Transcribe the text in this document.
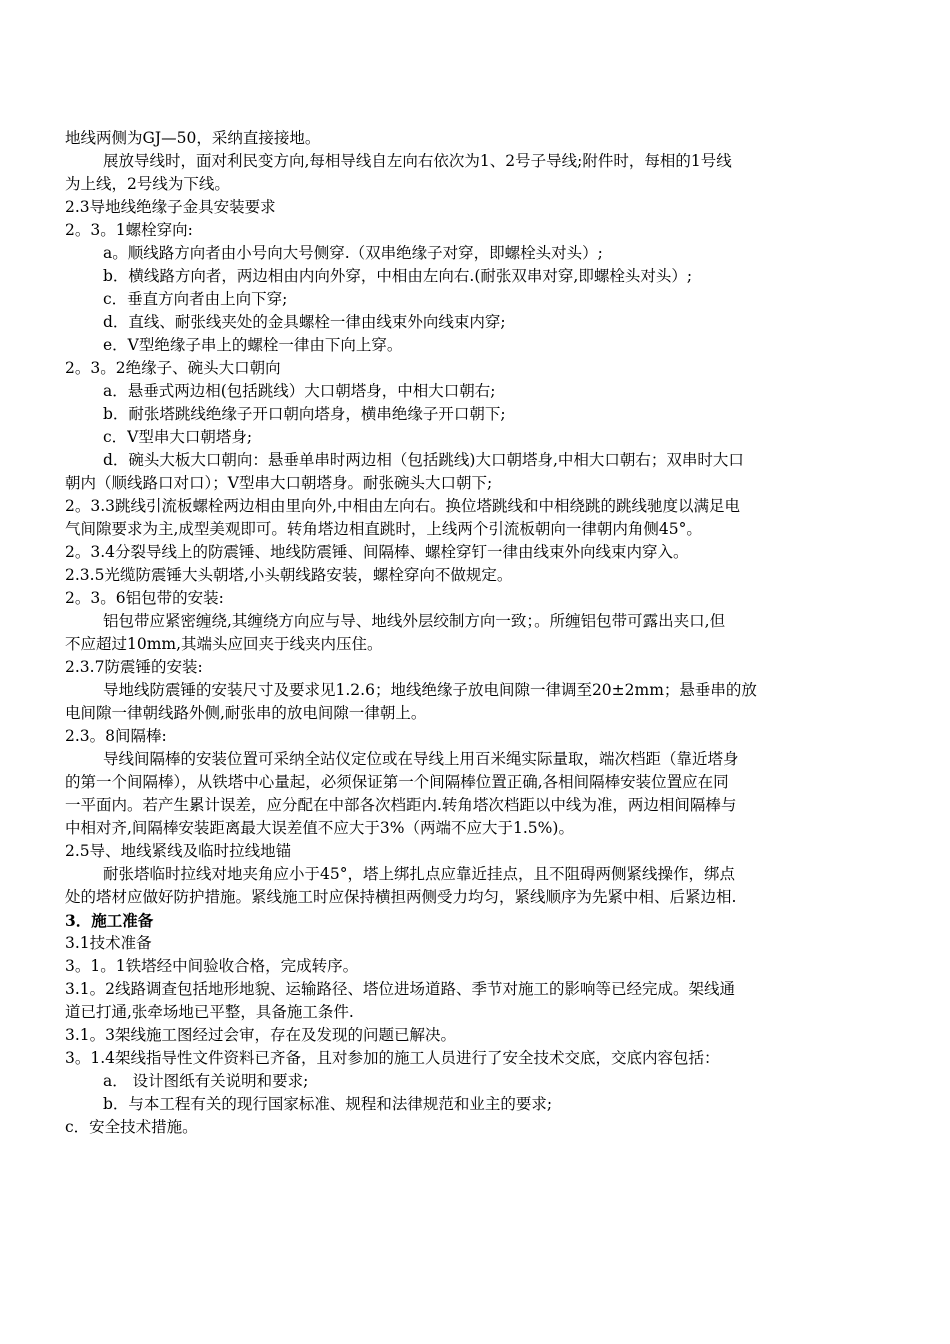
地线两侧为GJ—50，采纳直接接地。
展放导线时，面对利民变方向,每相导线自左向右依次为1、2号子导线;附件时，每相的1号线
为上线，2号线为下线。
2.3导地线绝缘子金具安装要求
2。3。1螺栓穿向:
a。顺线路方向者由小号向大号侧穿.（双串绝缘子对穿，即螺栓头对头）;
b．横线路方向者，两边相由内向外穿，中相由左向右.(耐张双串对穿,即螺栓头对头）;
c．垂直方向者由上向下穿;
d．直线、耐张线夹处的金具螺栓一律由线束外向线束内穿;
e．V型绝缘子串上的螺栓一律由下向上穿。
2。3。2绝缘子、碗头大口朝向
a．悬垂式两边相(包括跳线）大口朝塔身，中相大口朝右;
b．耐张塔跳线绝缘子开口朝向塔身，横串绝缘子开口朝下;
c．V型串大口朝塔身;
d．碗头大板大口朝向：悬垂单串时两边相（包括跳线)大口朝塔身,中相大口朝右；双串时大口
朝内（顺线路口对口）；V型串大口朝塔身。耐张碗头大口朝下;
2。3.3跳线引流板螺栓两边相由里向外,中相由左向右。换位塔跳线和中相绕跳的跳线驰度以满足电
气间隙要求为主,成型美观即可。转角塔边相直跳时，上线两个引流板朝向一律朝内角侧45°。
2。3.4分裂导线上的防震锤、地线防震锤、间隔棒、螺栓穿钉一律由线束外向线束内穿入。
2.3.5光缆防震锤大头朝塔,小头朝线路安装，螺栓穿向不做规定。
2。3。6铝包带的安装:
铝包带应紧密缠绕,其缠绕方向应与导、地线外层绞制方向一致；。所缠铝包带可露出夹口,但
不应超过10mm,其端头应回夹于线夹内压住。
2.3.7防震锤的安装:
导地线防震锤的安装尺寸及要求见1.2.6；地线绝缘子放电间隙一律调至20±2mm；悬垂串的放
电间隙一律朝线路外侧,耐张串的放电间隙一律朝上。
2.3。8间隔棒:
导线间隔棒的安装位置可采纳全站仪定位或在导线上用百米绳实际量取，端次档距（靠近塔身
的第一个间隔棒），从铁塔中心量起，必须保证第一个间隔棒位置正确,各相间隔棒安装位置应在同
一平面内。若产生累计误差，应分配在中部各次档距内.转角塔次档距以中线为准，两边相间隔棒与
中相对齐,间隔棒安装距离最大误差值不应大于3%（两端不应大于1.5%)。
2.5导、地线紧线及临时拉线地锚
耐张塔临时拉线对地夹角应小于45°，塔上绑扎点应靠近挂点，且不阻碍两侧紧线操作，绑点
处的塔材应做好防护措施。紧线施工时应保持横担两侧受力均匀，紧线顺序为先紧中相、后紧边相.
3．施工准备
3.1技术准备
3。1。1铁塔经中间验收合格，完成转序。
3.1。2线路调查包括地形地貌、运输路径、塔位进场道路、季节对施工的影响等已经完成。架线通
道已打通,张牵场地已平整，具备施工条件.
3.1。3架线施工图经过会审，存在及发现的问题已解决。
3。1.4架线指导性文件资料已齐备，且对参加的施工人员进行了安全技术交底，交底内容包括：
a． 设计图纸有关说明和要求;
b．与本工程有关的现行国家标准、规程和法律规范和业主的要求;
c．安全技术措施。
